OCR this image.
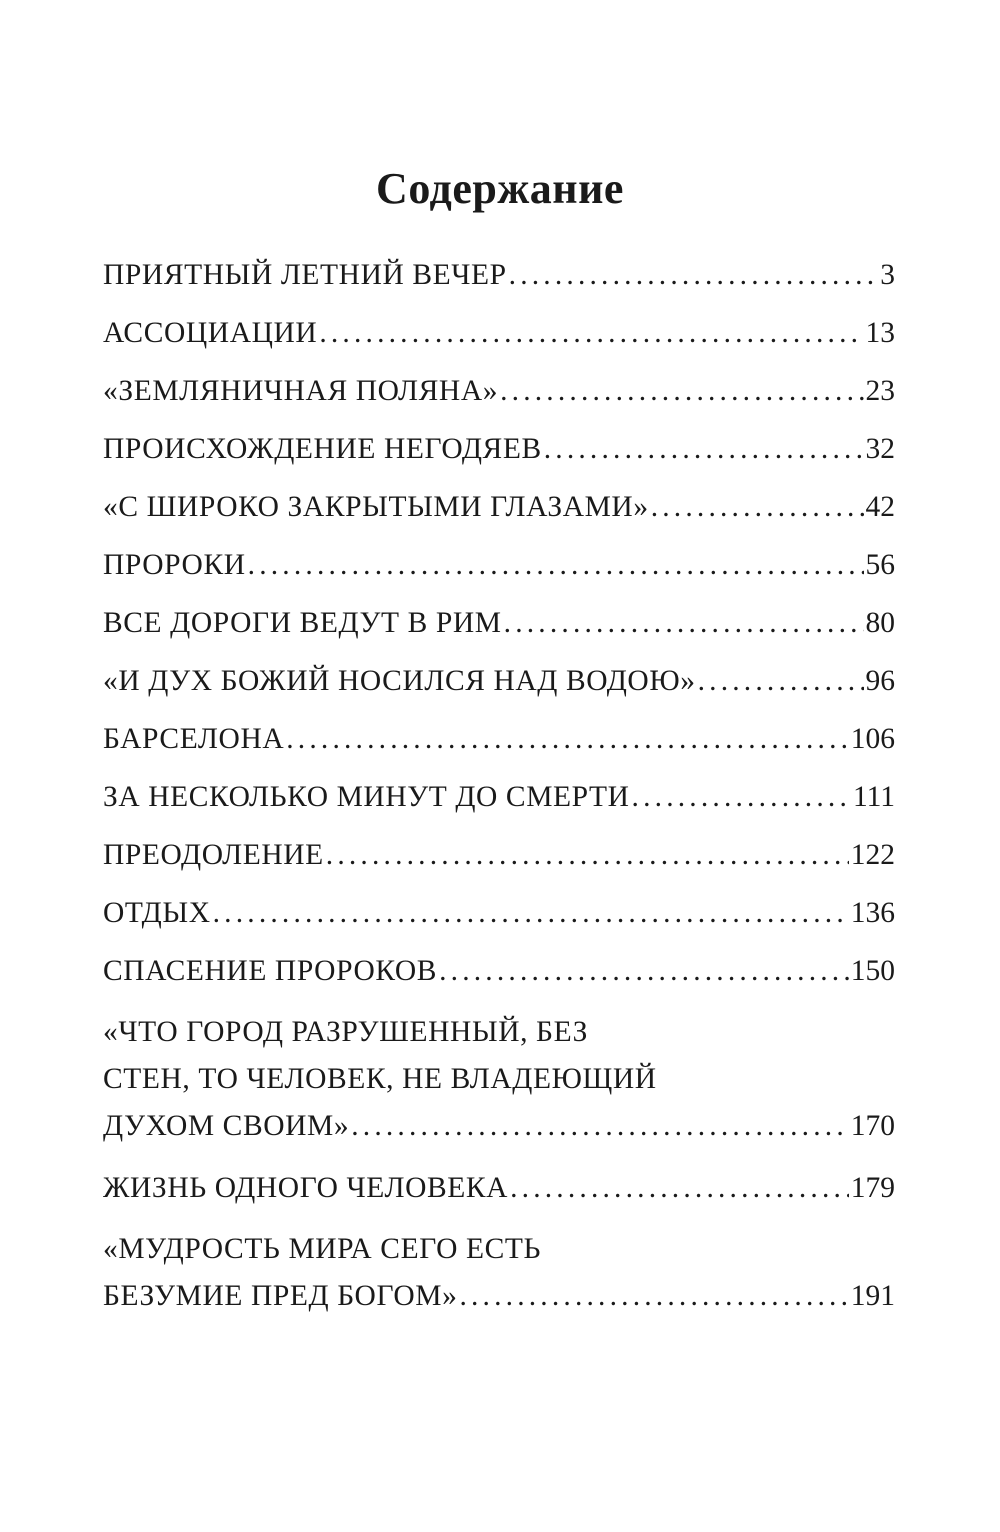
Содержание
ПРИЯТНЫЙ ЛЕТНИЙ ВЕЧЕР . . .	3
АССОЦИАЦИИ . . .	13
«ЗЕМЛЯНИЧНАЯ ПОЛЯНА» . . .	23
ПРОИСХОЖДЕНИЕ НЕГОДЯЕВ . . .	32
«С ШИРОКО ЗАКРЫТЫМИ ГЛАЗАМИ» . . .	42
ПРОРОКИ . . .	56
ВСЕ ДОРОГИ ВЕДУТ В РИМ . . .	80
«И ДУХ БОЖИЙ НОСИЛСЯ НАД ВОДОЮ» . . .	96
БАРСЕЛОНА . . .	106
ЗА НЕСКОЛЬКО МИНУТ ДО СМЕРТИ . . .	111
ПРЕОДОЛЕНИЕ . . .	122
ОТДЫХ . . .	136
СПАСЕНИЕ ПРОРОКОВ . . .	150
«ЧТО ГОРОД РАЗРУШЕННЫЙ, БЕЗ
СТЕН, ТО ЧЕЛОВЕК, НЕ ВЛАДЕЮЩИЙ
ДУХОМ СВОИМ» . . .	170
ЖИЗНЬ ОДНОГО ЧЕЛОВЕКА . . .	179
«МУДРОСТЬ МИРА СЕГО ЕСТЬ
БЕЗУМИЕ ПРЕД БОГОМ» . . .	191
